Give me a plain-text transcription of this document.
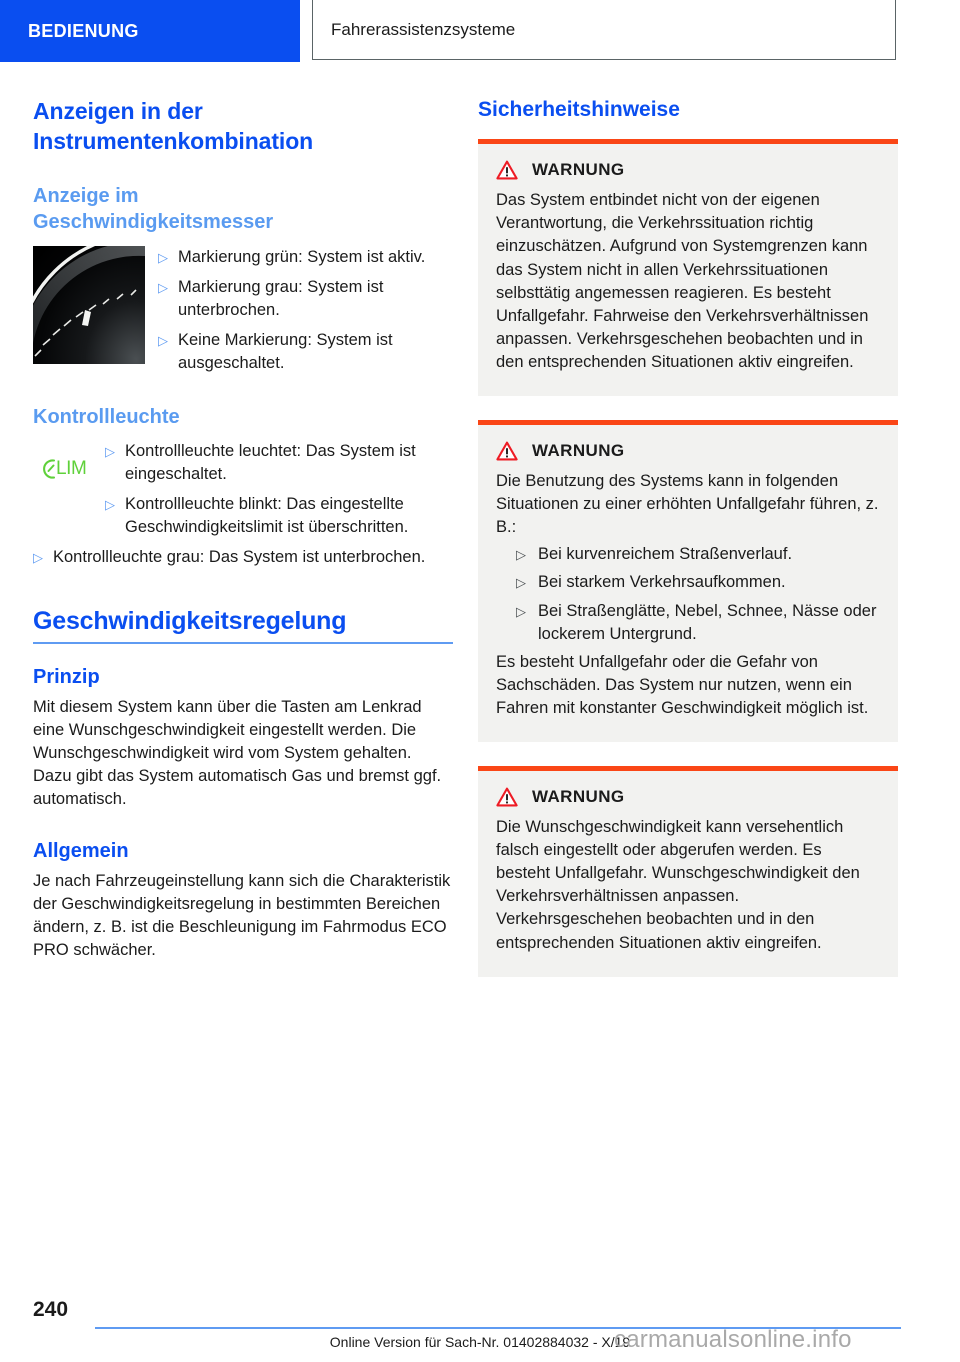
BEDIENUNG	Fahrerassistenzsysteme
Anzeigen in der
Instrumentenkombination
Anzeige im
Geschwindigkeitsmesser
▷ Markierung grün: System ist aktiv.
▷ Markierung grau: System ist unterbrochen.
▷ Keine Markierung: System ist ausgeschaltet.
Kontrollleuchte
LIM
▷ Kontrollleuchte leuchtet: Das System ist eingeschaltet.
▷ Kontrollleuchte blinkt: Das eingestellte Geschwindigkeitslimit ist überschritten.
▷ Kontrollleuchte grau: Das System ist unterbrochen.
Geschwindigkeitsregelung
Prinzip
Mit diesem System kann über die Tasten am Lenkrad eine Wunschgeschwindigkeit eingestellt werden. Die Wunschgeschwindigkeit wird vom System gehalten. Dazu gibt das System automatisch Gas und bremst ggf. automatisch.
Allgemein
Je nach Fahrzeugeinstellung kann sich die Charakteristik der Geschwindigkeitsregelung in bestimmten Bereichen ändern, z. B. ist die Beschleunigung im Fahrmodus ECO PRO schwächer.
Sicherheitshinweise
WARNUNG
Das System entbindet nicht von der eigenen Verantwortung, die Verkehrssituation richtig einzuschätzen. Aufgrund von Systemgrenzen kann das System nicht in allen Verkehrssituationen selbsttätig angemessen reagieren. Es besteht Unfallgefahr. Fahrweise den Verkehrsverhältnissen anpassen. Verkehrsgeschehen beobachten und in den entsprechenden Situationen aktiv eingreifen.
WARNUNG
Die Benutzung des Systems kann in folgenden Situationen zu einer erhöhten Unfallgefahr führen, z. B.:
▷ Bei kurvenreichem Straßenverlauf.
▷ Bei starkem Verkehrsaufkommen.
▷ Bei Straßenglätte, Nebel, Schnee, Nässe oder lockerem Untergrund.
Es besteht Unfallgefahr oder die Gefahr von Sachschäden. Das System nur nutzen, wenn ein Fahren mit konstanter Geschwindigkeit möglich ist.
WARNUNG
Die Wunschgeschwindigkeit kann versehentlich falsch eingestellt oder abgerufen werden. Es besteht Unfallgefahr. Wunschgeschwindigkeit den Verkehrsverhältnissen anpassen. Verkehrsgeschehen beobachten und in den entsprechenden Situationen aktiv eingreifen.
240
Online Version für Sach-Nr. 01402884032 - X/19
carmanualsonline.info
